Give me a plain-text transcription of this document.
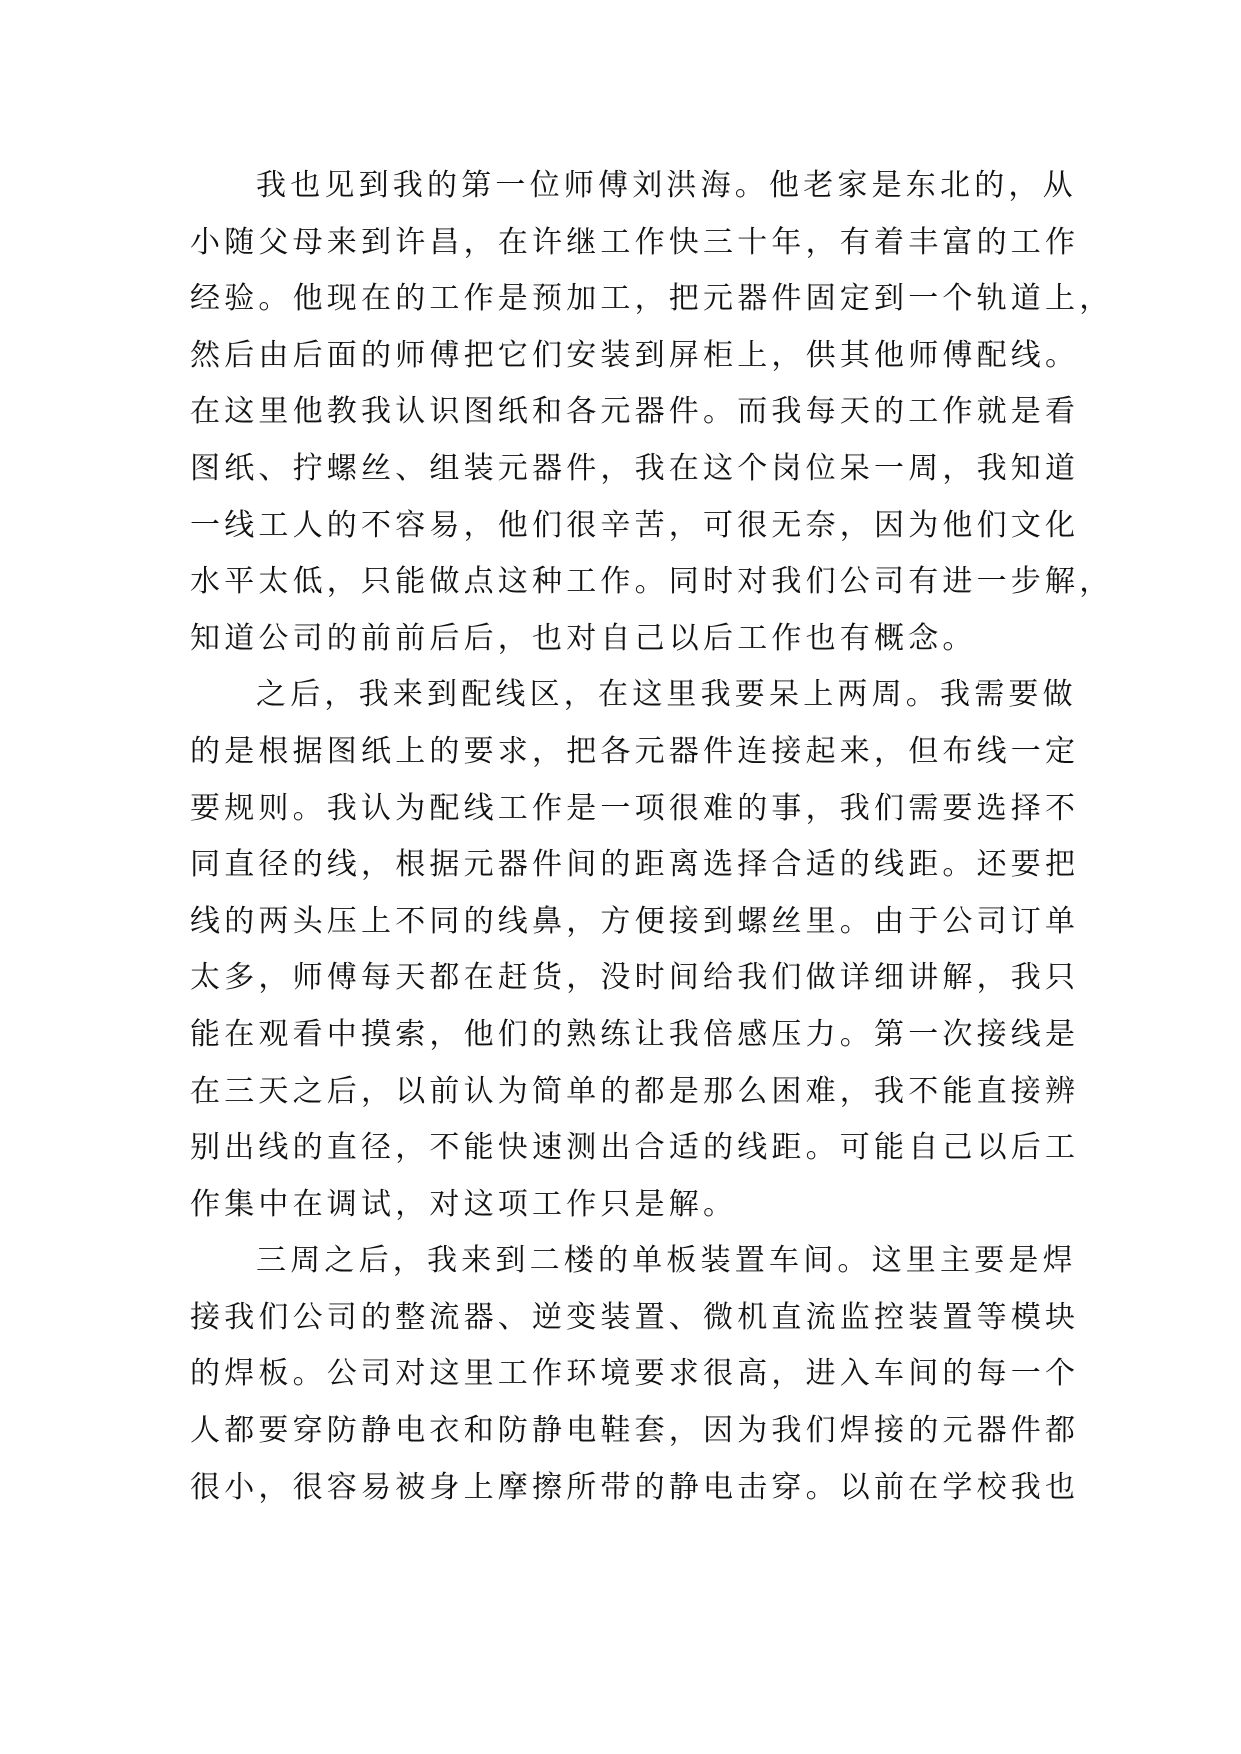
我也见到我的第一位师傅刘洪海。他老家是东北的，从
小随父母来到许昌，在许继工作快三十年，有着丰富的工作
经验。他现在的工作是预加工，把元器件固定到一个轨道上，
然后由后面的师傅把它们安装到屏柜上，供其他师傅配线。
在这里他教我认识图纸和各元器件。而我每天的工作就是看
图纸、拧螺丝、组装元器件，我在这个岗位呆一周，我知道
一线工人的不容易，他们很辛苦，可很无奈，因为他们文化
水平太低，只能做点这种工作。同时对我们公司有进一步解，
知道公司的前前后后，也对自己以后工作也有概念。
之后，我来到配线区，在这里我要呆上两周。我需要做
的是根据图纸上的要求，把各元器件连接起来，但布线一定
要规则。我认为配线工作是一项很难的事，我们需要选择不
同直径的线，根据元器件间的距离选择合适的线距。还要把
线的两头压上不同的线鼻，方便接到螺丝里。由于公司订单
太多，师傅每天都在赶货，没时间给我们做详细讲解，我只
能在观看中摸索，他们的熟练让我倍感压力。第一次接线是
在三天之后，以前认为简单的都是那么困难，我不能直接辨
别出线的直径，不能快速测出合适的线距。可能自己以后工
作集中在调试，对这项工作只是解。
三周之后，我来到二楼的单板装置车间。这里主要是焊
接我们公司的整流器、逆变装置、微机直流监控装置等模块
的焊板。公司对这里工作环境要求很高，进入车间的每一个
人都要穿防静电衣和防静电鞋套，因为我们焊接的元器件都
很小，很容易被身上摩擦所带的静电击穿。以前在学校我也
